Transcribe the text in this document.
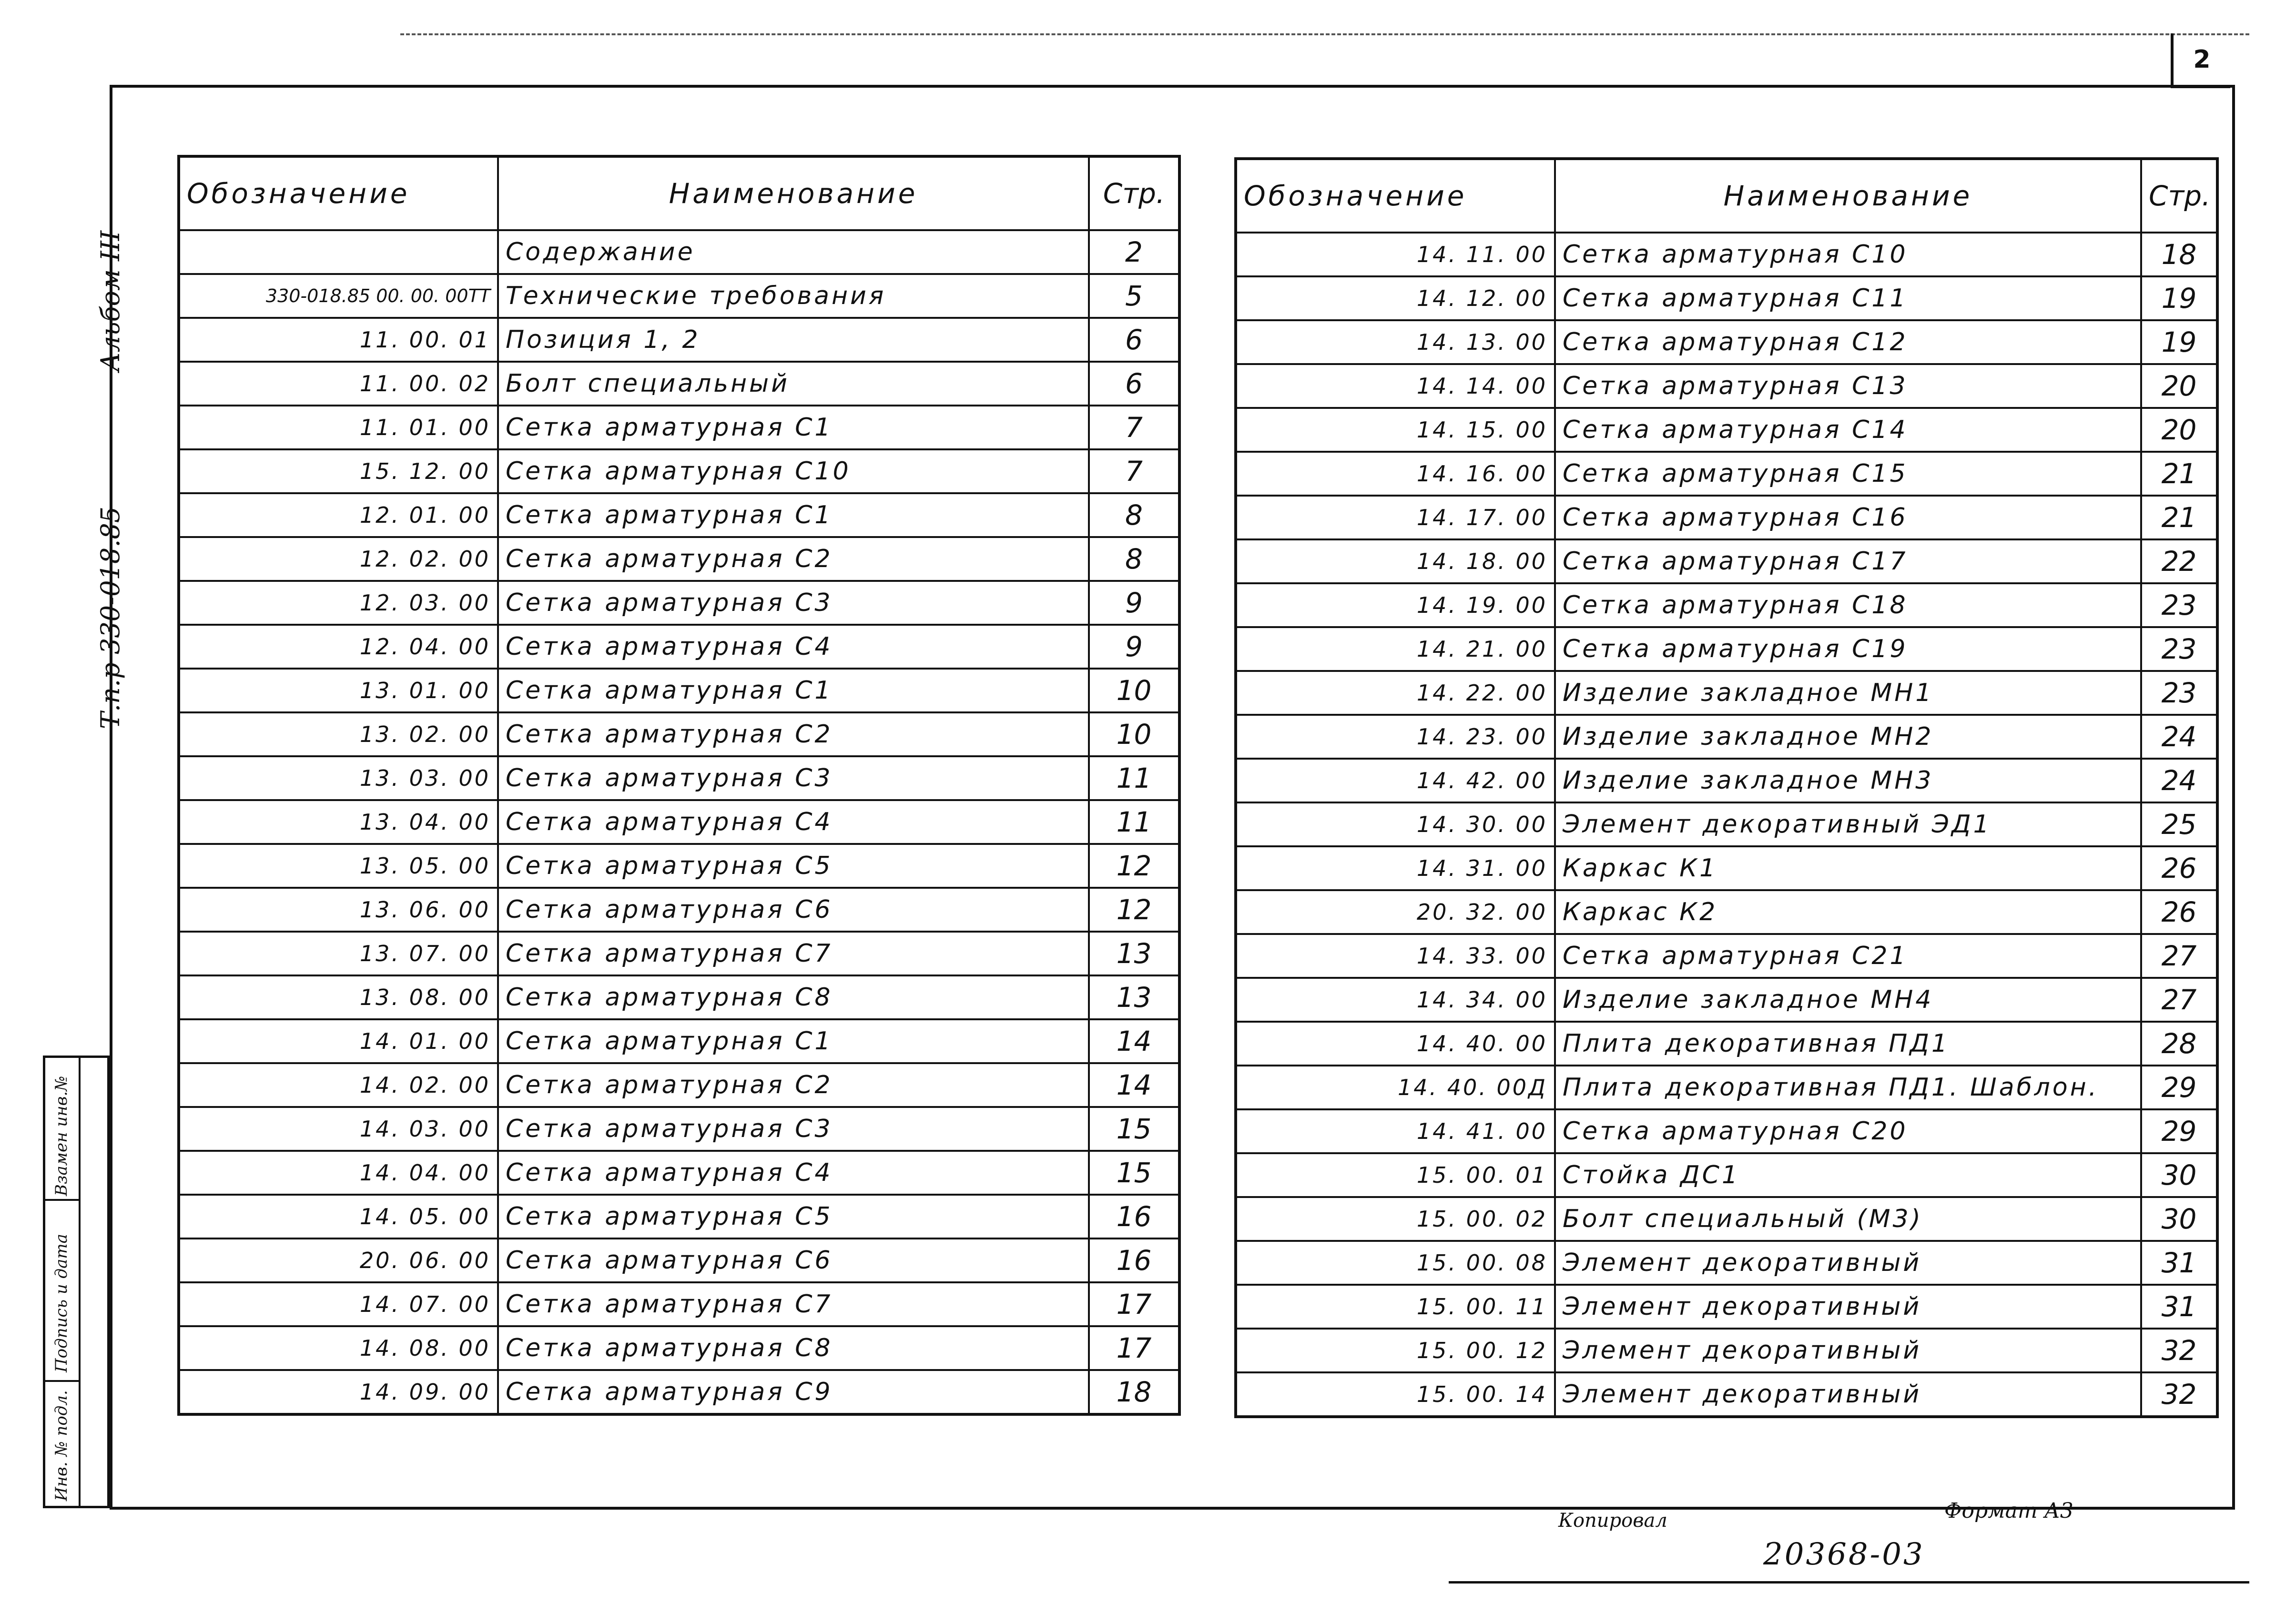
2
Альбом III
Т.п.р 330-018.85
Взамен инв.№
Подпись и дата
Инв. № подл.
Обозначение	Наименование	Стр.
	Содержание	2
330-018.85 00. 00. 00ТТ	Технические требования	5
11. 00. 01	Позиция 1, 2	6
11. 00. 02	Болт специальный	6
11. 01. 00	Сетка арматурная С1	7
15. 12. 00	Сетка арматурная С10	7
12. 01. 00	Сетка арматурная С1	8
12. 02. 00	Сетка арматурная С2	8
12. 03. 00	Сетка арматурная С3	9
12. 04. 00	Сетка арматурная С4	9
13. 01. 00	Сетка арматурная С1	10
13. 02. 00	Сетка арматурная С2	10
13. 03. 00	Сетка арматурная С3	11
13. 04. 00	Сетка арматурная С4	11
13. 05. 00	Сетка арматурная С5	12
13. 06. 00	Сетка арматурная С6	12
13. 07. 00	Сетка арматурная С7	13
13. 08. 00	Сетка арматурная С8	13
14. 01. 00	Сетка арматурная С1	14
14. 02. 00	Сетка арматурная С2	14
14. 03. 00	Сетка арматурная С3	15
14. 04. 00	Сетка арматурная С4	15
14. 05. 00	Сетка арматурная С5	16
20. 06. 00	Сетка арматурная С6	16
14. 07. 00	Сетка арматурная С7	17
14. 08. 00	Сетка арматурная С8	17
14. 09. 00	Сетка арматурная С9	18
Обозначение	Наименование	Стр.
14. 11. 00	Сетка арматурная С10	18
14. 12. 00	Сетка арматурная С11	19
14. 13. 00	Сетка арматурная С12	19
14. 14. 00	Сетка арматурная С13	20
14. 15. 00	Сетка арматурная С14	20
14. 16. 00	Сетка арматурная С15	21
14. 17. 00	Сетка арматурная С16	21
14. 18. 00	Сетка арматурная С17	22
14. 19. 00	Сетка арматурная С18	23
14. 21. 00	Сетка арматурная С19	23
14. 22. 00	Изделие закладное МН1	23
14. 23. 00	Изделие закладное МН2	24
14. 42. 00	Изделие закладное МН3	24
14. 30. 00	Элемент декоративный ЭД1	25
14. 31. 00	Каркас К1	26
20. 32. 00	Каркас К2	26
14. 33. 00	Сетка арматурная С21	27
14. 34. 00	Изделие закладное МН4	27
14. 40. 00	Плита декоративная ПД1	28
14. 40. 00Д	Плита декоративная ПД1. Шаблон.	29
14. 41. 00	Сетка арматурная С20	29
15. 00. 01	Стойка ДС1	30
15. 00. 02	Болт специальный (М3)	30
15. 00. 08	Элемент декоративный	31
15. 00. 11	Элемент декоративный	31
15. 00. 12	Элемент декоративный	32
15. 00. 14	Элемент декоративный	32
Копировал	Формат А3
20368-03
